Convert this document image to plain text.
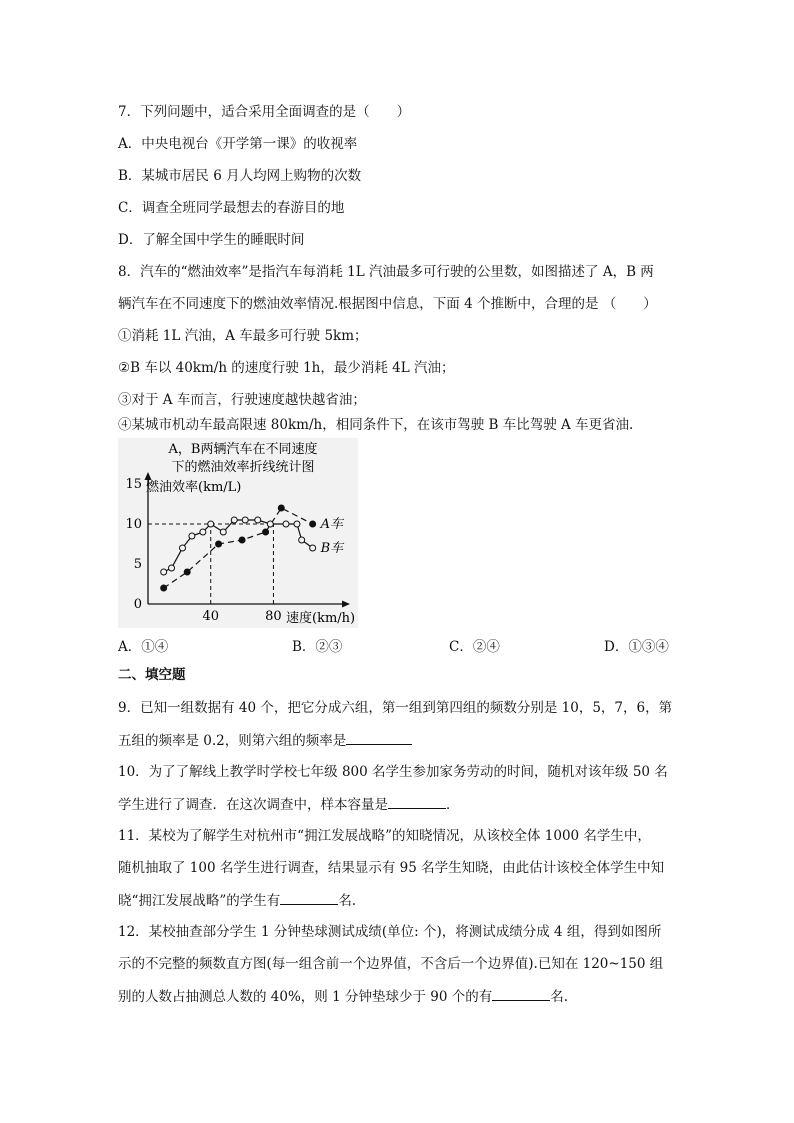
7．下列问题中，适合采用全面调查的是（　　）
A．中央电视台《开学第一课》的收视率
B．某城市居民 6 月人均网上购物的次数
C．调查全班同学最想去的春游目的地
D．了解全国中学生的睡眠时间
8．汽车的“燃油效率”是指汽车每消耗 1L 汽油最多可行驶的公里数，如图描述了 A，B 两
辆汽车在不同速度下的燃油效率情况.根据图中信息，下面 4 个推断中，合理的是 （　　）
①消耗 1L 汽油，A 车最多可行驶 5km；
②B 车以 40km/h 的速度行驶 1h，最少消耗 4L 汽油；
③对于 A 车而言，行驶速度越快越省油；
④某城市机动车最高限速 80km/h，相同条件下，在该市驾驶 B 车比驾驶 A 车更省油.
A，B两辆汽车在不同速度
下的燃油效率折线统计图
燃油效率(km/L)
速度(km/h)
A车
B车
0
5
10
15
40	80
A．①④	B．②③	C．②④	D．①③④
二、填空题
9．已知一组数据有 40 个，把它分成六组，第一组到第四组的频数分别是 10，5，7，6，第
五组的频率是 0.2，则第六组的频率是
10．为了了解线上教学时学校七年级 800 名学生参加家务劳动的时间，随机对该年级 50 名
学生进行了调查．在这次调查中，样本容量是	．
11．某校为了解学生对杭州市“拥江发展战略”的知晓情况，从该校全体 1000 名学生中，
随机抽取了 100 名学生进行调查，结果显示有 95 名学生知晓，由此估计该校全体学生中知
晓“拥江发展战略”的学生有	名.
12．某校抽查部分学生 1 分钟垫球测试成绩(单位: 个)，将测试成绩分成 4 组，得到如图所
示的不完整的频数直方图(每一组含前一个边界值，不含后一个边界值).已知在 120~150 组
别的人数占抽测总人数的 40%，则 1 分钟垫球少于 90 个的有	名.
